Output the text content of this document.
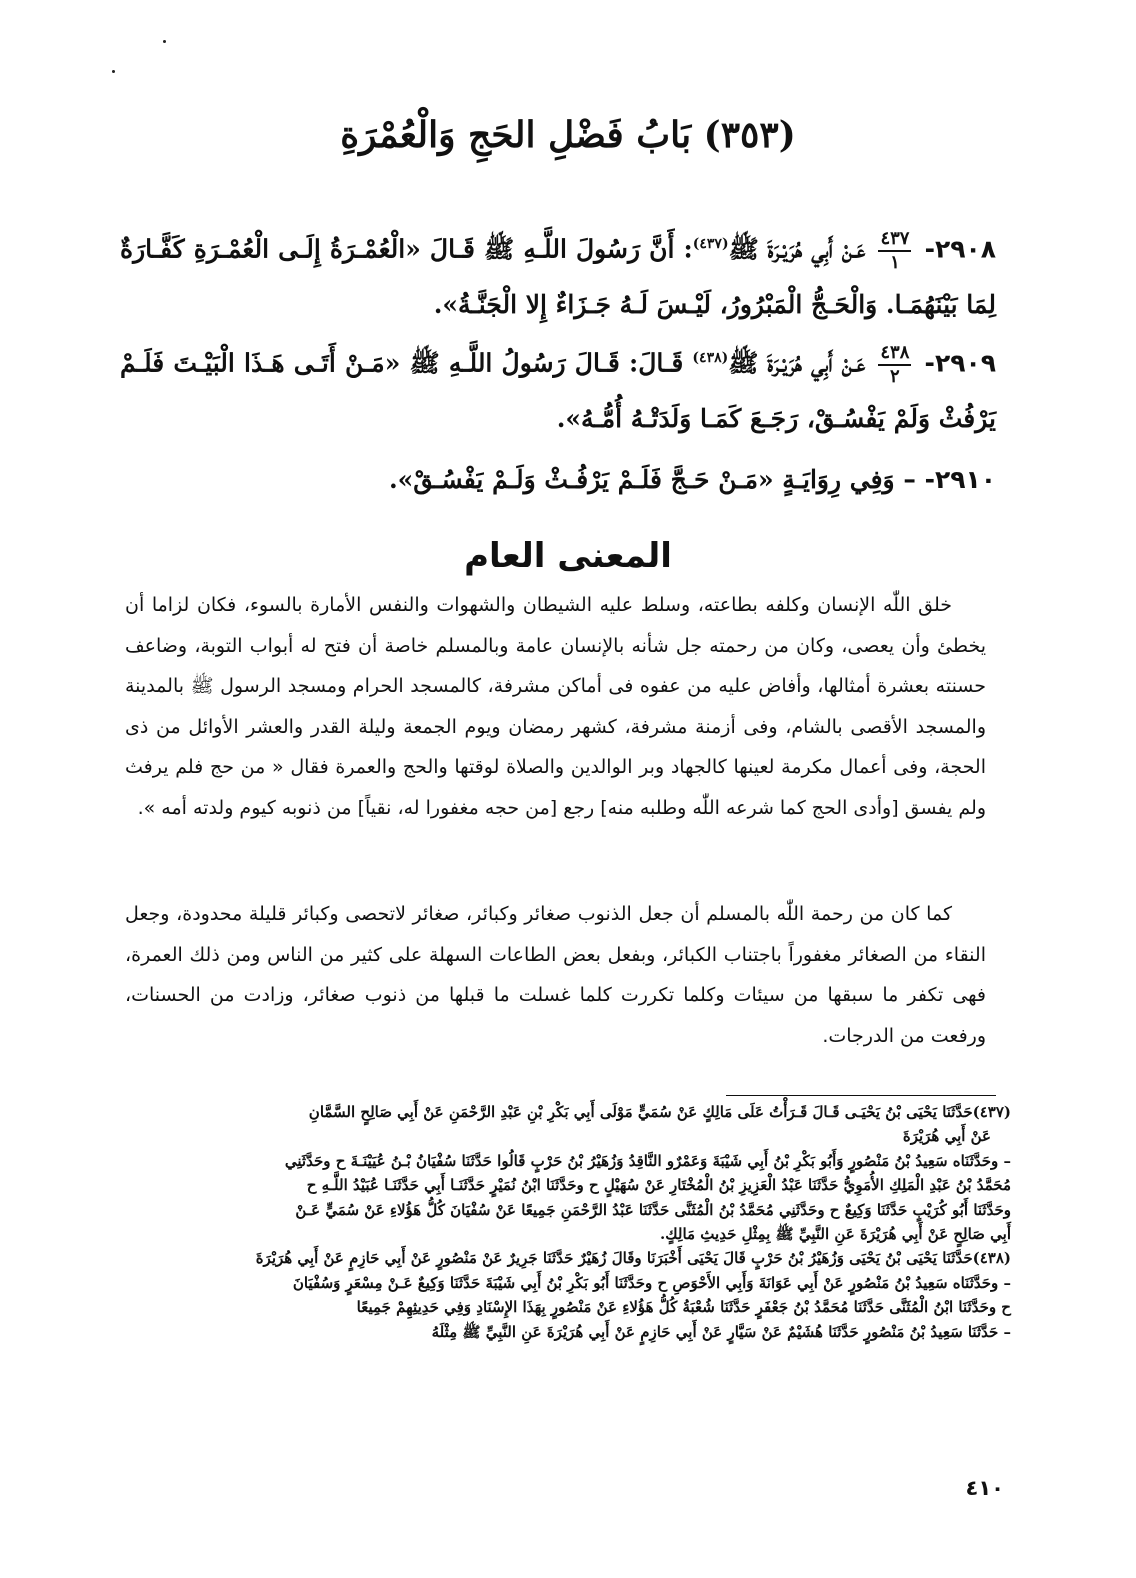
(٣٥٣) بَابُ فَضْلِ الحَجِ وَالْعُمْرَةِ
٢٩٠٨-
$\frac{٤٣٧}{١}$
عَـنْ أَبِي هُرَيْـرَةَ ﷺ$^{(٤٣٧)}$: أَنَّ رَسُولَ اللَّـهِ ﷺ قَـالَ «الْعُمْـرَةُ إِلَـى الْعُمْـرَةِ كَفَّـارَةٌ لِمَا بَيْنَهُمَـا. وَالْحَـجُّ الْمَبْرُورُ، لَيْـسَ لَـهُ جَـزَاءٌ إِلا الْجَنَّـةُ».
٢٩٠٩-
$\frac{٤٣٨}{٢}$
عَـنْ أَبِي هُرَيْـرَةَ ﷺ$^{(٤٣٨)}$ قَـالَ: قَـالَ رَسُولُ اللَّـهِ ﷺ «مَـنْ أَتَـى هَـذَا الْبَيْـتَ فَلَـمْ يَرْفُثْ وَلَمْ يَفْسُـقْ، رَجَـعَ كَمَـا وَلَدَتْـهُ أُمُّـهُ».
٢٩١٠- – وَفِي رِوَايَـةٍ «مَـنْ حَـجَّ فَلَـمْ يَرْفُـثْ وَلَـمْ يَفْسُـقْ».
المعنى العام

خلق اللّٰه الإنسان وكلفه بطاعته، وسلط عليه الشيطان والشهوات والنفس الأمارة بالسوء، فكان لزاما أن يخطئ وأن يعصى، وكان من رحمته جل شأنه بالإنسان عامة وبالمسلم خاصة أن فتح له أبواب التوبة، وضاعف حسنته بعشرة أمثالها، وأفاض عليه من عفوه فى أماكن مشرفة، كالمسجد الحرام ومسجد الرسول ﷺ بالمدينة والمسجد الأقصى بالشام، وفى أزمنة مشرفة، كشهر رمضان ويوم الجمعة وليلة القدر والعشر الأوائل من ذى الحجة، وفى أعمال مكرمة لعينها كالجهاد وبر الوالدين والصلاة لوقتها والحج والعمرة فقال « من حج فلم يرفث ولم يفسق [وأدى الحج كما شرعه اللّٰه وطلبه منه] رجع [من حجه مغفورا له، نقياً] من ذنوبه كيوم ولدته أمه ».

كما كان من رحمة اللّٰه بالمسلم أن جعل الذنوب صغائر وكبائر، صغائر لاتحصى وكبائر قليلة محدودة، وجعل النقاء من الصغائر مغفوراً باجتناب الكبائر، وبفعل بعض الطاعات السهلة على كثير من الناس ومن ذلك العمرة، فهى تكفر ما سبقها من سيئات وكلما تكررت كلما غسلت ما قبلها من ذنوب صغائر، وزادت من الحسنات، ورفعت من الدرجات.

(٤٣٧)حَدَّثَنَا يَحْيَى بْنُ يَحْيَـى قَـالَ قَـرَأْتُ عَلَى مَالِكٍ عَنْ سُمَيٍّ مَوْلَى أَبِي بَكْرِ بْنِ عَبْدِ الرَّحْمَنِ عَنْ أَبِي صَالِحٍ السَّمَّانِ
عَنْ أَبِي هُرَيْرَةَ
– وحَدَّثَنَاه سَعِيدُ بْنُ مَنْصُورٍ وَأَبُو بَكْرِ بْنُ أَبِي شَيْبَةَ وَعَمْرٌو النَّاقِدُ وَزُهَيْرُ بْنُ حَرْبٍ قَالُوا حَدَّثَنَا سُفْيَانُ بْـنُ عُيَيْنَـةَ ح وحَدَّثَنِي
مُحَمَّدُ بْنُ عَبْدِ الْمَلِكِ الأُمَوِيُّ حَدَّثَنَا عَبْدُ الْعَزِيزِ بْنُ الْمُخْتَارِ عَنْ سُهَيْلٍ ح وحَدَّثَنَا ابْنُ نُمَيْرٍ حَدَّثَنَـا أَبِي حَدَّثَنَـا عُبَيْدُ اللَّـهِ ح
وحَدَّثَنَا أَبُو كُرَيْبٍ حَدَّثَنَا وَكِيعٌ ح وحَدَّثَنِي مُحَمَّدُ بْنُ الْمُثَنَّى حَدَّثَنَا عَبْدُ الرَّحْمَنِ جَمِيعًا عَنْ سُفْيَانَ كُلُّ هَؤُلاءِ عَنْ سُمَيٍّ عَـنْ
أَبِي صَالِحٍ عَنْ أَبِي هُرَيْرَةَ عَنِ النَّبِيِّ ﷺ بِمِثْلِ حَدِيثِ مَالِكٍ.
(٤٣٨)حَدَّثَنَا يَحْيَى بْنُ يَحْيَى وَزُهَيْرُ بْنُ حَرْبٍ قَالَ يَحْيَى أَخْبَرَنَا وقَالَ زُهَيْرٌ حَدَّثَنَا جَرِيرٌ عَنْ مَنْصُورٍ عَنْ أَبِي حَازِمٍ عَنْ أَبِي هُرَيْرَةَ
– وحَدَّثَنَاه سَعِيدُ بْنُ مَنْصُورٍ عَنْ أَبِي عَوَانَةَ وَأَبِي الأَحْوَصِ ح وحَدَّثَنَا أَبُو بَكْرِ بْنُ أَبِي شَيْبَةَ حَدَّثَنَا وَكِيعٌ عَـنْ مِسْعَرٍ وَسُفْيَانَ
ح وحَدَّثَنَا ابْنُ الْمُثَنَّى حَدَّثَنَا مُحَمَّدُ بْنُ جَعْفَرٍ حَدَّثَنَا شُعْبَةُ كُلُّ هَؤُلاءِ عَنْ مَنْصُورٍ بِهَذَا الإِسْنَادِ وَفِي حَدِيثِهِمْ جَمِيعًا
– حَدَّثَنَا سَعِيدُ بْنُ مَنْصُورٍ حَدَّثَنَا هُشَيْمٌ عَنْ سَيَّارٍ عَنْ أَبِي حَازِمٍ عَنْ أَبِي هُرَيْرَةَ عَنِ النَّبِيِّ ﷺ مِثْلَهُ
٤١٠
